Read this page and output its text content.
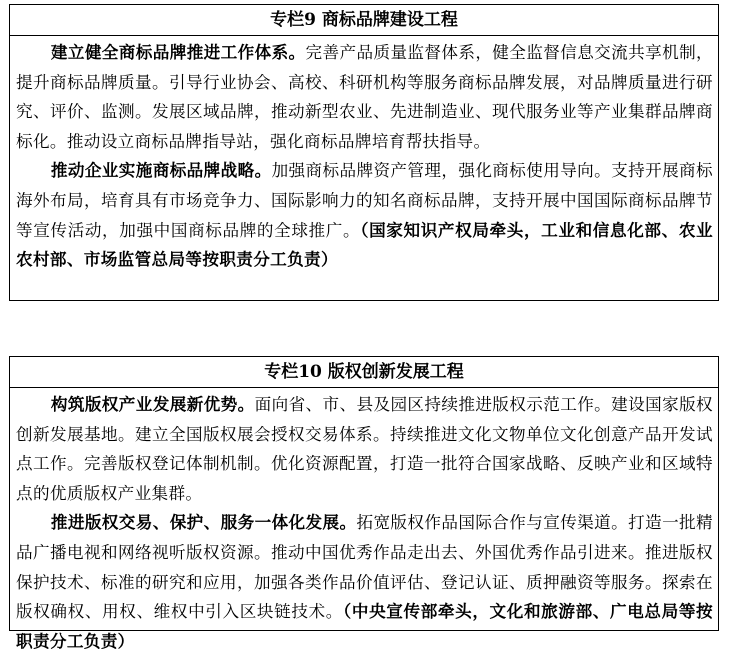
专栏9 商标品牌建设工程

建立健全商标品牌推进工作体系。完善产品质量监督体系，健全监督信息交流共享机制，提升商标品牌质量。引导行业协会、高校、科研机构等服务商标品牌发展，对品牌质量进行研究、评价、监测。发展区域品牌，推动新型农业、先进制造业、现代服务业等产业集群品牌商标化。推动设立商标品牌指导站，强化商标品牌培育帮扶指导。

推动企业实施商标品牌战略。加强商标品牌资产管理，强化商标使用导向。支持开展商标海外布局，培育具有市场竞争力、国际影响力的知名商标品牌，支持开展中国国际商标品牌节等宣传活动，加强中国商标品牌的全球推广。（国家知识产权局牵头，工业和信息化部、农业农村部、市场监管总局等按职责分工负责）

专栏10 版权创新发展工程

构筑版权产业发展新优势。面向省、市、县及园区持续推进版权示范工作。建设国家版权创新发展基地。建立全国版权展会授权交易体系。持续推进文化文物单位文化创意产品开发试点工作。完善版权登记体制机制。优化资源配置，打造一批符合国家战略、反映产业和区域特点的优质版权产业集群。

推进版权交易、保护、服务一体化发展。拓宽版权作品国际合作与宣传渠道。打造一批精品广播电视和网络视听版权资源。推动中国优秀作品走出去、外国优秀作品引进来。推进版权保护技术、标准的研究和应用，加强各类作品价值评估、登记认证、质押融资等服务。探索在版权确权、用权、维权中引入区块链技术。（中央宣传部牵头，文化和旅游部、广电总局等按职责分工负责）
